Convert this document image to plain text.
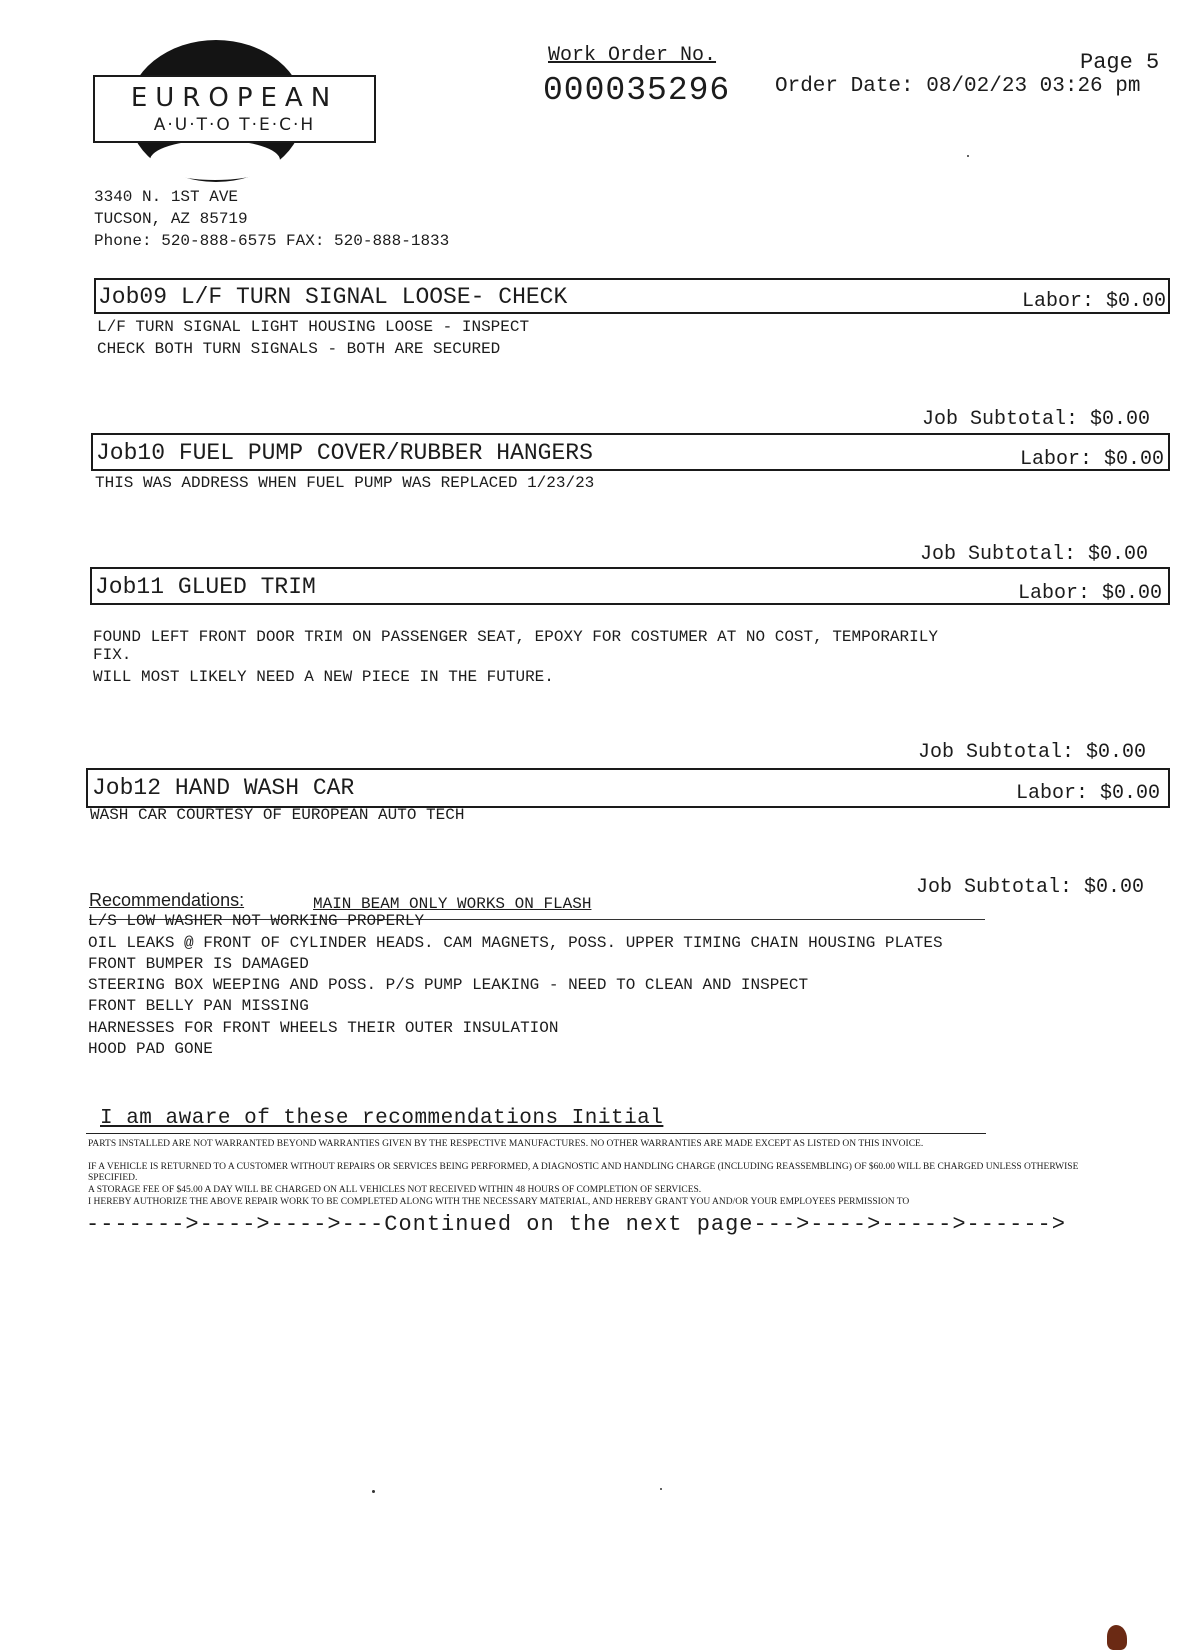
EUROPEAN
A·U·T·O T·E·C·H
Work Order No.
000035296
Page 5
Order Date: 08/02/23 03:26 pm
3340 N. 1ST AVE
TUCSON, AZ 85719
Phone: 520-888-6575 FAX: 520-888-1833
Job09 L/F TURN SIGNAL LOOSE- CHECK	Labor: $0.00
L/F TURN SIGNAL LIGHT HOUSING LOOSE - INSPECT
CHECK BOTH TURN SIGNALS - BOTH ARE SECURED
Job Subtotal: $0.00
Job10 FUEL PUMP COVER/RUBBER HANGERS	Labor: $0.00
THIS WAS ADDRESS WHEN FUEL PUMP WAS REPLACED 1/23/23
Job Subtotal: $0.00
Job11 GLUED TRIM	Labor: $0.00
FOUND LEFT FRONT DOOR TRIM ON PASSENGER SEAT, EPOXY FOR COSTUMER AT NO COST, TEMPORARILY
FIX.
WILL MOST LIKELY NEED A NEW PIECE IN THE FUTURE.
Job Subtotal: $0.00
Job12 HAND WASH CAR	Labor: $0.00
WASH CAR COURTESY OF EUROPEAN AUTO TECH
Job Subtotal: $0.00
Recommendations:	MAIN BEAM ONLY WORKS ON FLASH
L/S LOW WASHER NOT WORKING PROPERLY
OIL LEAKS @ FRONT OF CYLINDER HEADS. CAM MAGNETS, POSS. UPPER TIMING CHAIN HOUSING PLATES
FRONT BUMPER IS DAMAGED
STEERING BOX WEEPING AND POSS. P/S PUMP LEAKING - NEED TO CLEAN AND INSPECT
FRONT BELLY PAN MISSING
HARNESSES FOR FRONT WHEELS THEIR OUTER INSULATION
HOOD PAD GONE
I am aware of these recommendations Initial
PARTS INSTALLED ARE NOT WARRANTED BEYOND WARRANTIES GIVEN BY THE RESPECTIVE MANUFACTURES. NO OTHER WARRANTIES ARE MADE EXCEPT AS LISTED ON THIS INVOICE.
IF A VEHICLE IS RETURNED TO A CUSTOMER WITHOUT REPAIRS OR SERVICES BEING PERFORMED, A DIAGNOSTIC AND HANDLING CHARGE (INCLUDING REASSEMBLING) OF $60.00 WILL BE CHARGED UNLESS OTHERWISE SPECIFIED.
A STORAGE FEE OF $45.00 A DAY WILL BE CHARGED ON ALL VEHICLES NOT RECEIVED WITHIN 48 HOURS OF COMPLETION OF SERVICES.
I HEREBY AUTHORIZE THE ABOVE REPAIR WORK TO BE COMPLETED ALONG WITH THE NECESSARY MATERIAL, AND HEREBY GRANT YOU AND/OR YOUR EMPLOYEES PERMISSION TO
------->---->---->---Continued on the next page--->---->----->------>
